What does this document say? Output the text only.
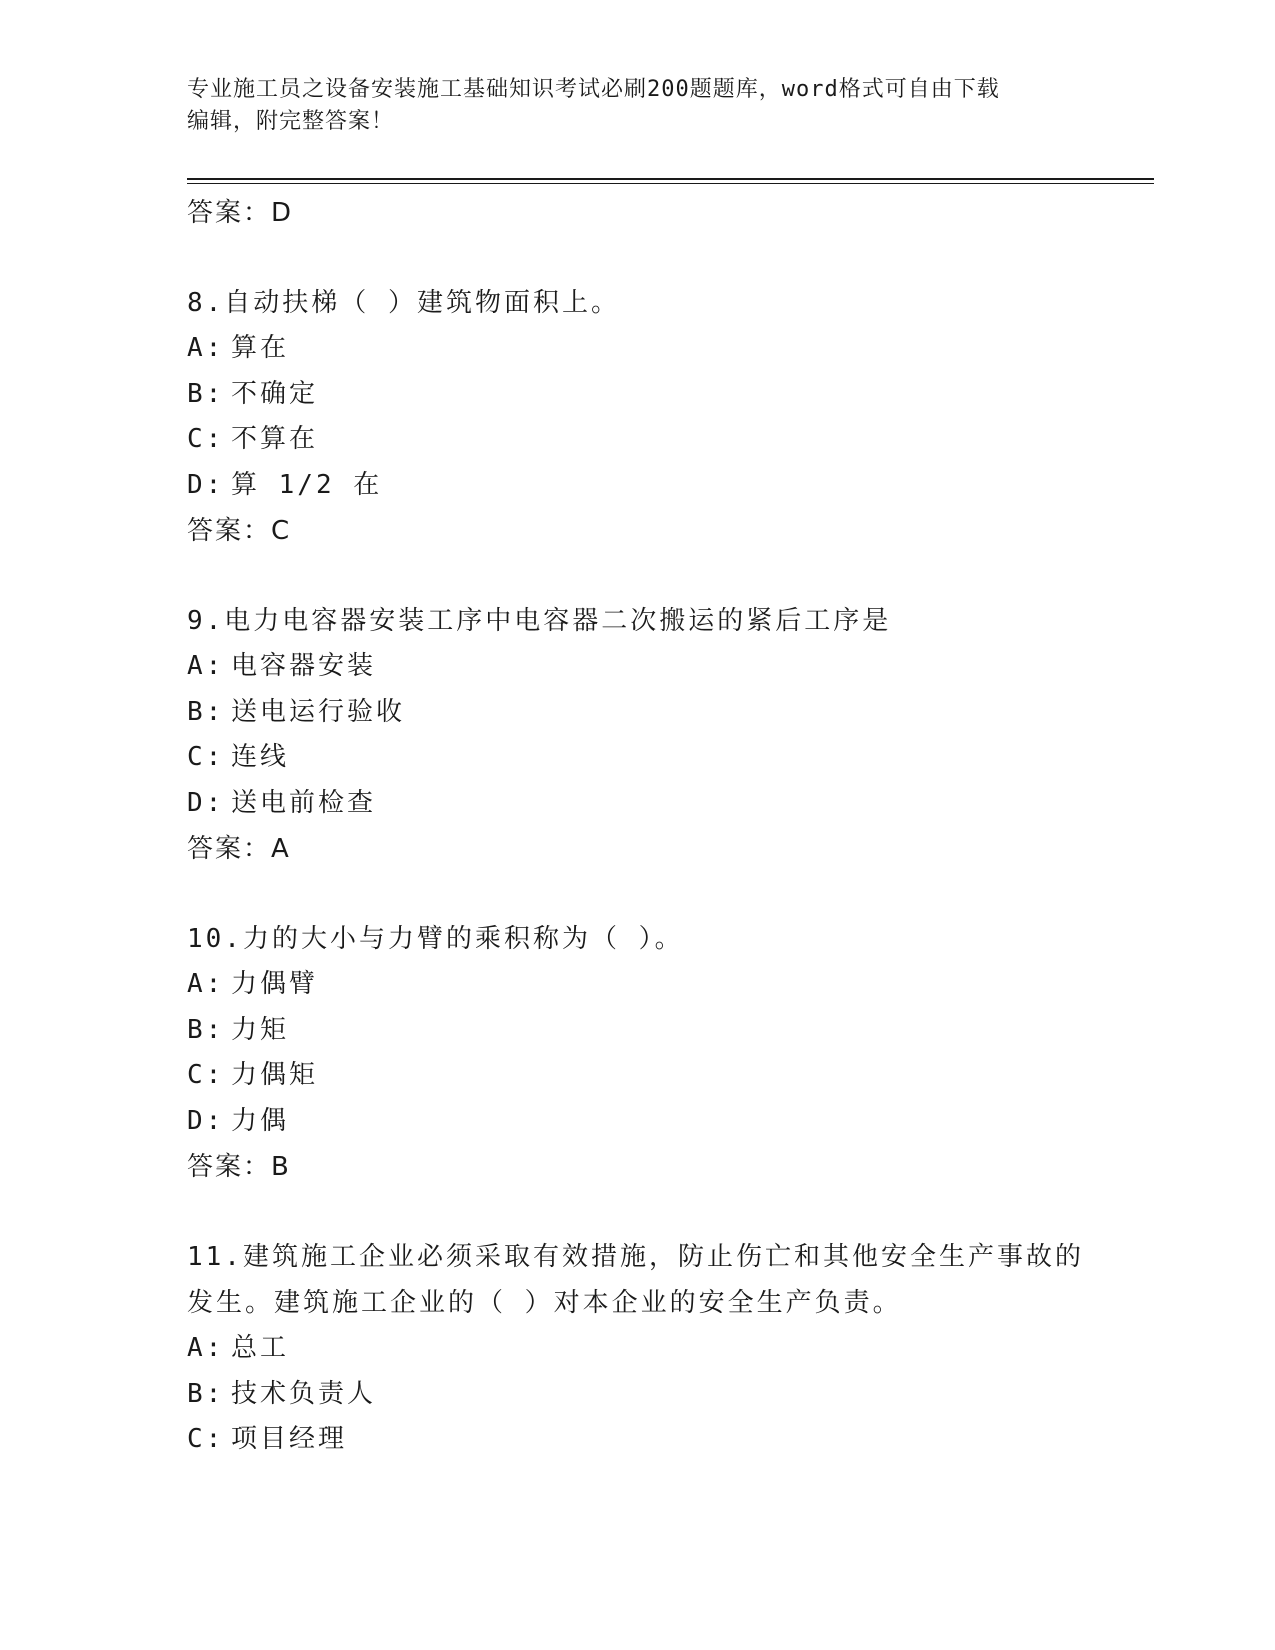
专业施工员之设备安装施工基础知识考试必刷200题题库，word格式可自由下载
编辑，附完整答案！
答案：D
8.自动扶梯（ ）建筑物面积上。
A: 算在
B: 不确定
C: 不算在
D: 算 1/2 在
答案：C
9.电力电容器安装工序中电容器二次搬运的紧后工序是
A: 电容器安装
B: 送电运行验收
C: 连线
D: 送电前检查
答案：A
10.力的大小与力臂的乘积称为（ ）。
A: 力偶臂
B: 力矩
C: 力偶矩
D: 力偶
答案：B
11.建筑施工企业必须采取有效措施，防止伤亡和其他安全生产事故的发生。建筑施工企业的（ ）对本企业的安全生产负责。
A: 总工
B: 技术负责人
C: 项目经理
